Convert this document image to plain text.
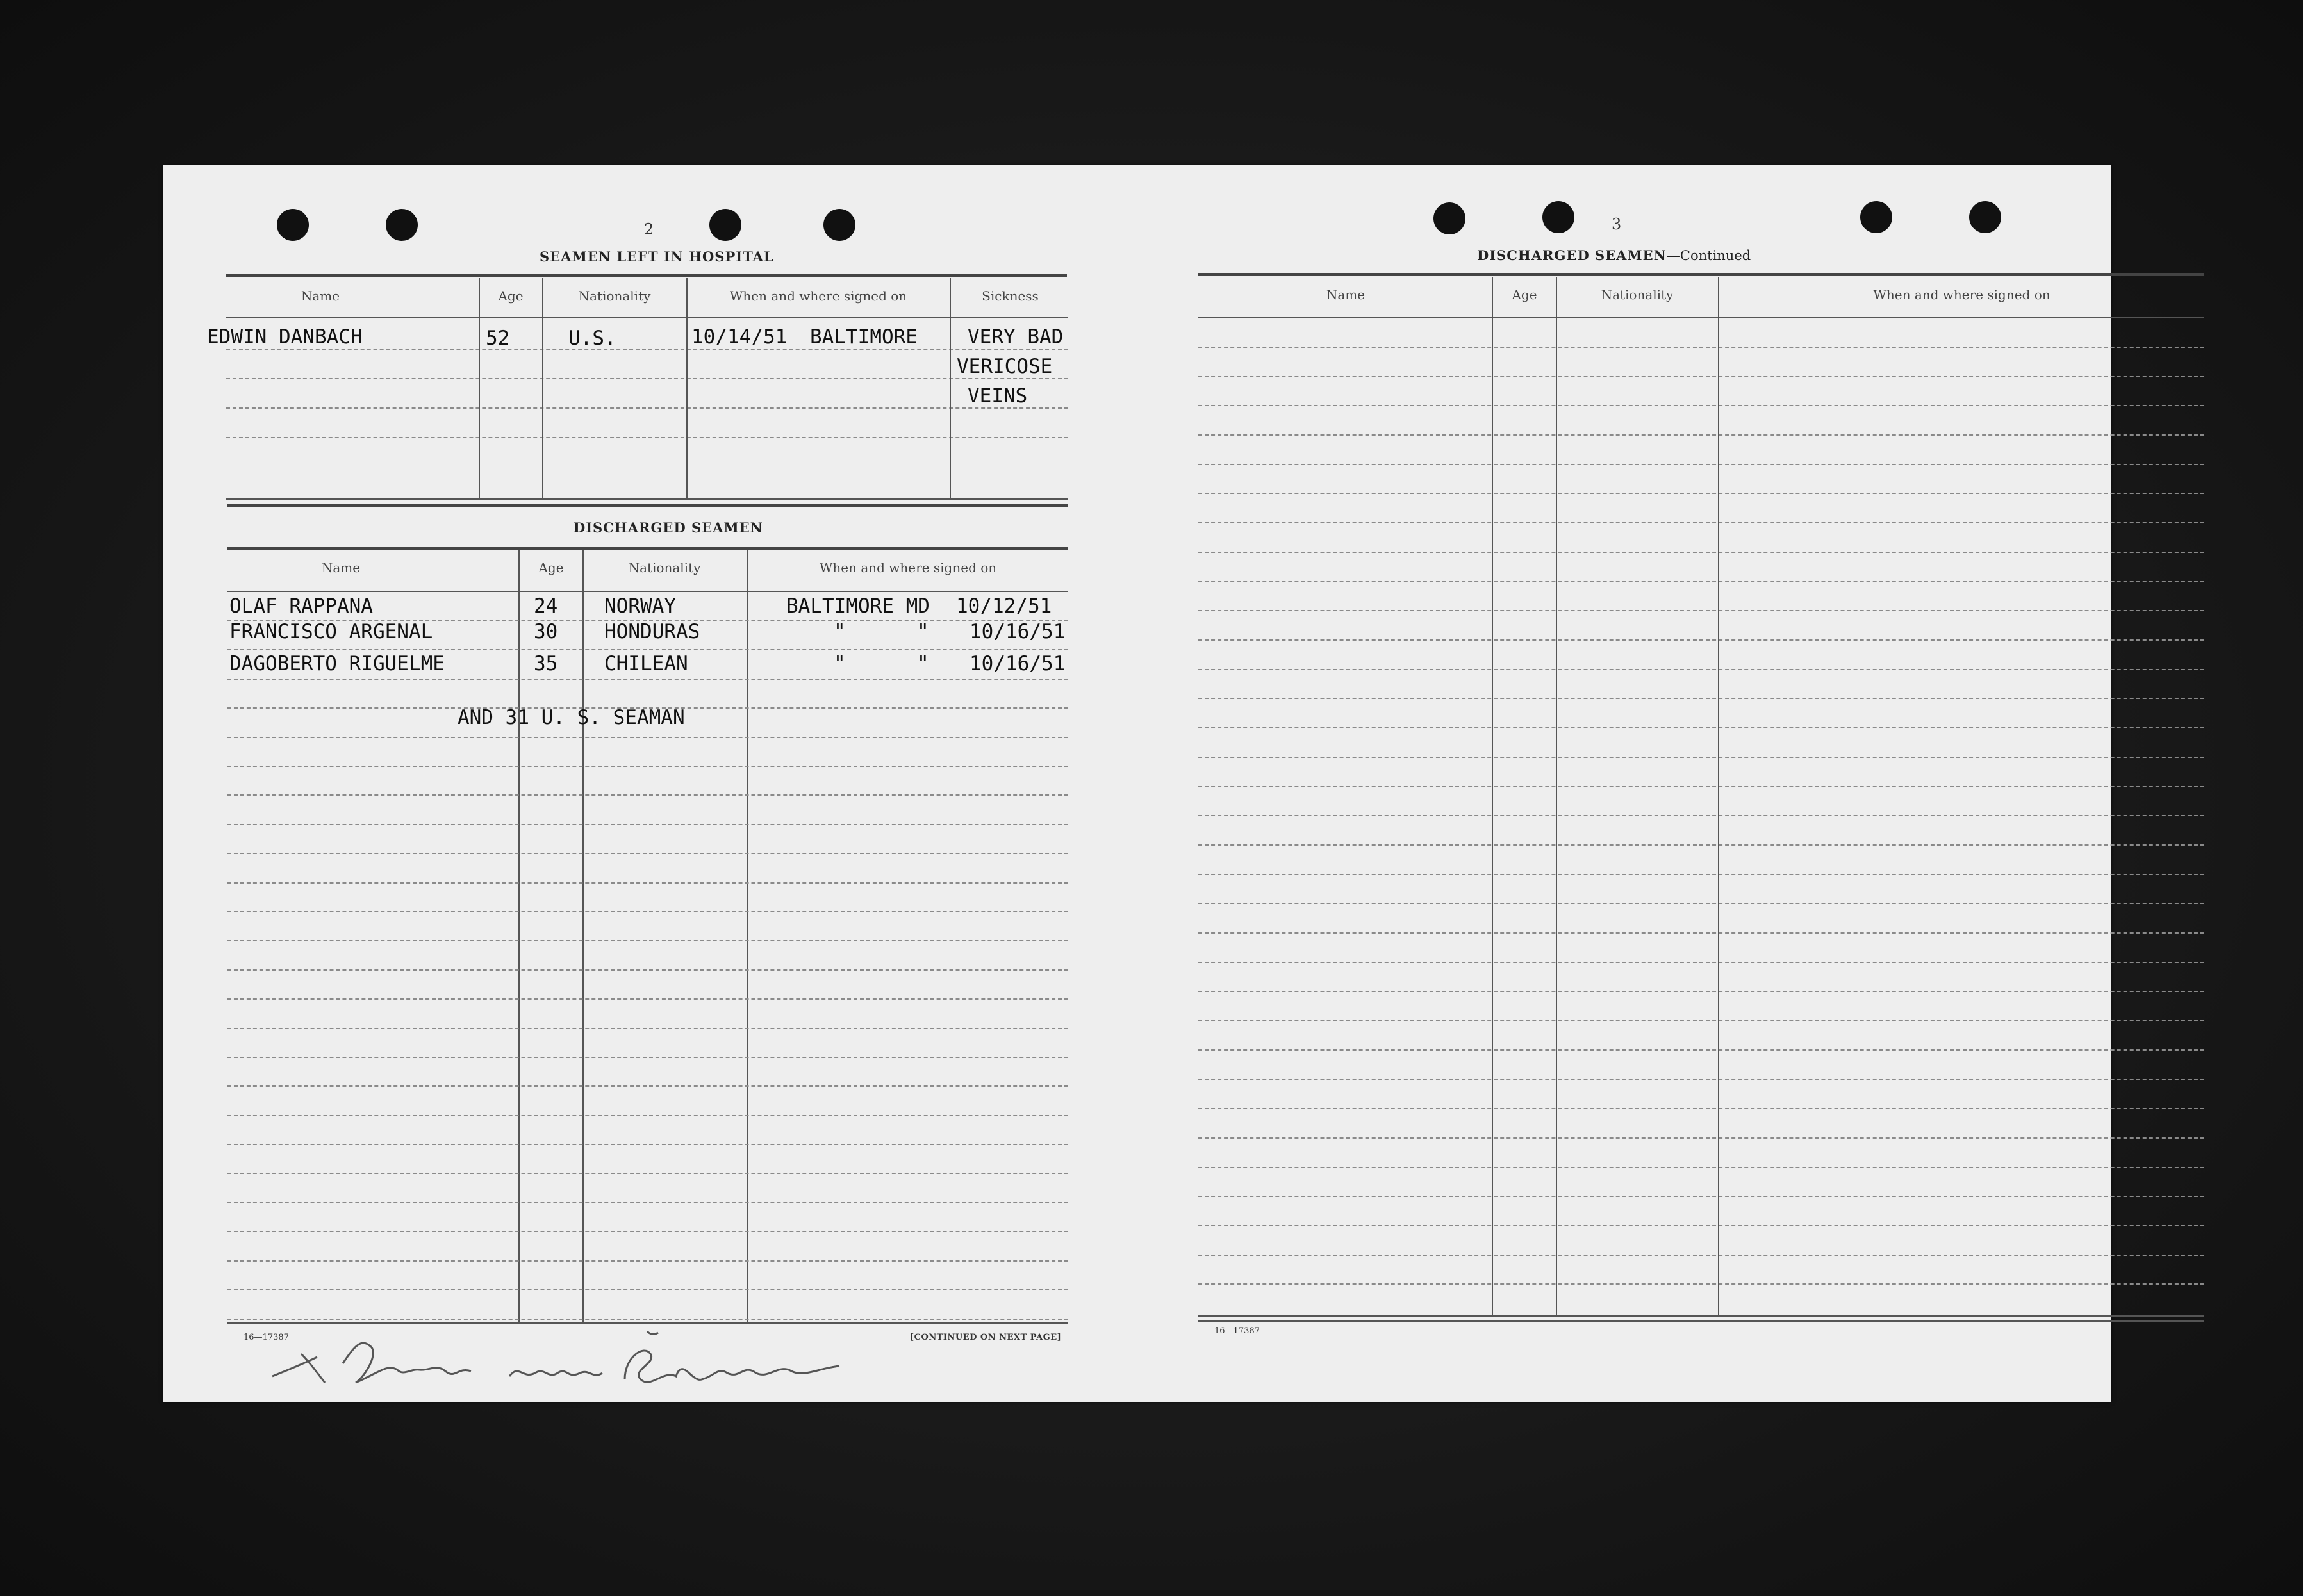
2
SEAMEN LEFT IN HOSPITAL
Name	Age	Nationality	When and where signed on	Sickness
EDWIN DANBACH	52	U.S.	10/14/51 BALTIMORE	VERY BAD
VERICOSE
VEINS
DISCHARGED SEAMEN
Name	Age	Nationality	When and where signed on
OLAF RAPPANA	24 NORWAY	BALTIMORE MD 10/12/51
FRANCISCO ARGENAL	30 HONDURAS	"	" 10/16/51
DAGOBERTO RIGUELME	35 CHILEAN	"	" 10/16/51
AND 31 U. S. SEAMAN
16—17387	[CONTINUED ON NEXT PAGE]
3
DISCHARGED SEAMEN—Continued
Name	Age	Nationality	When and where signed on
16—17387
